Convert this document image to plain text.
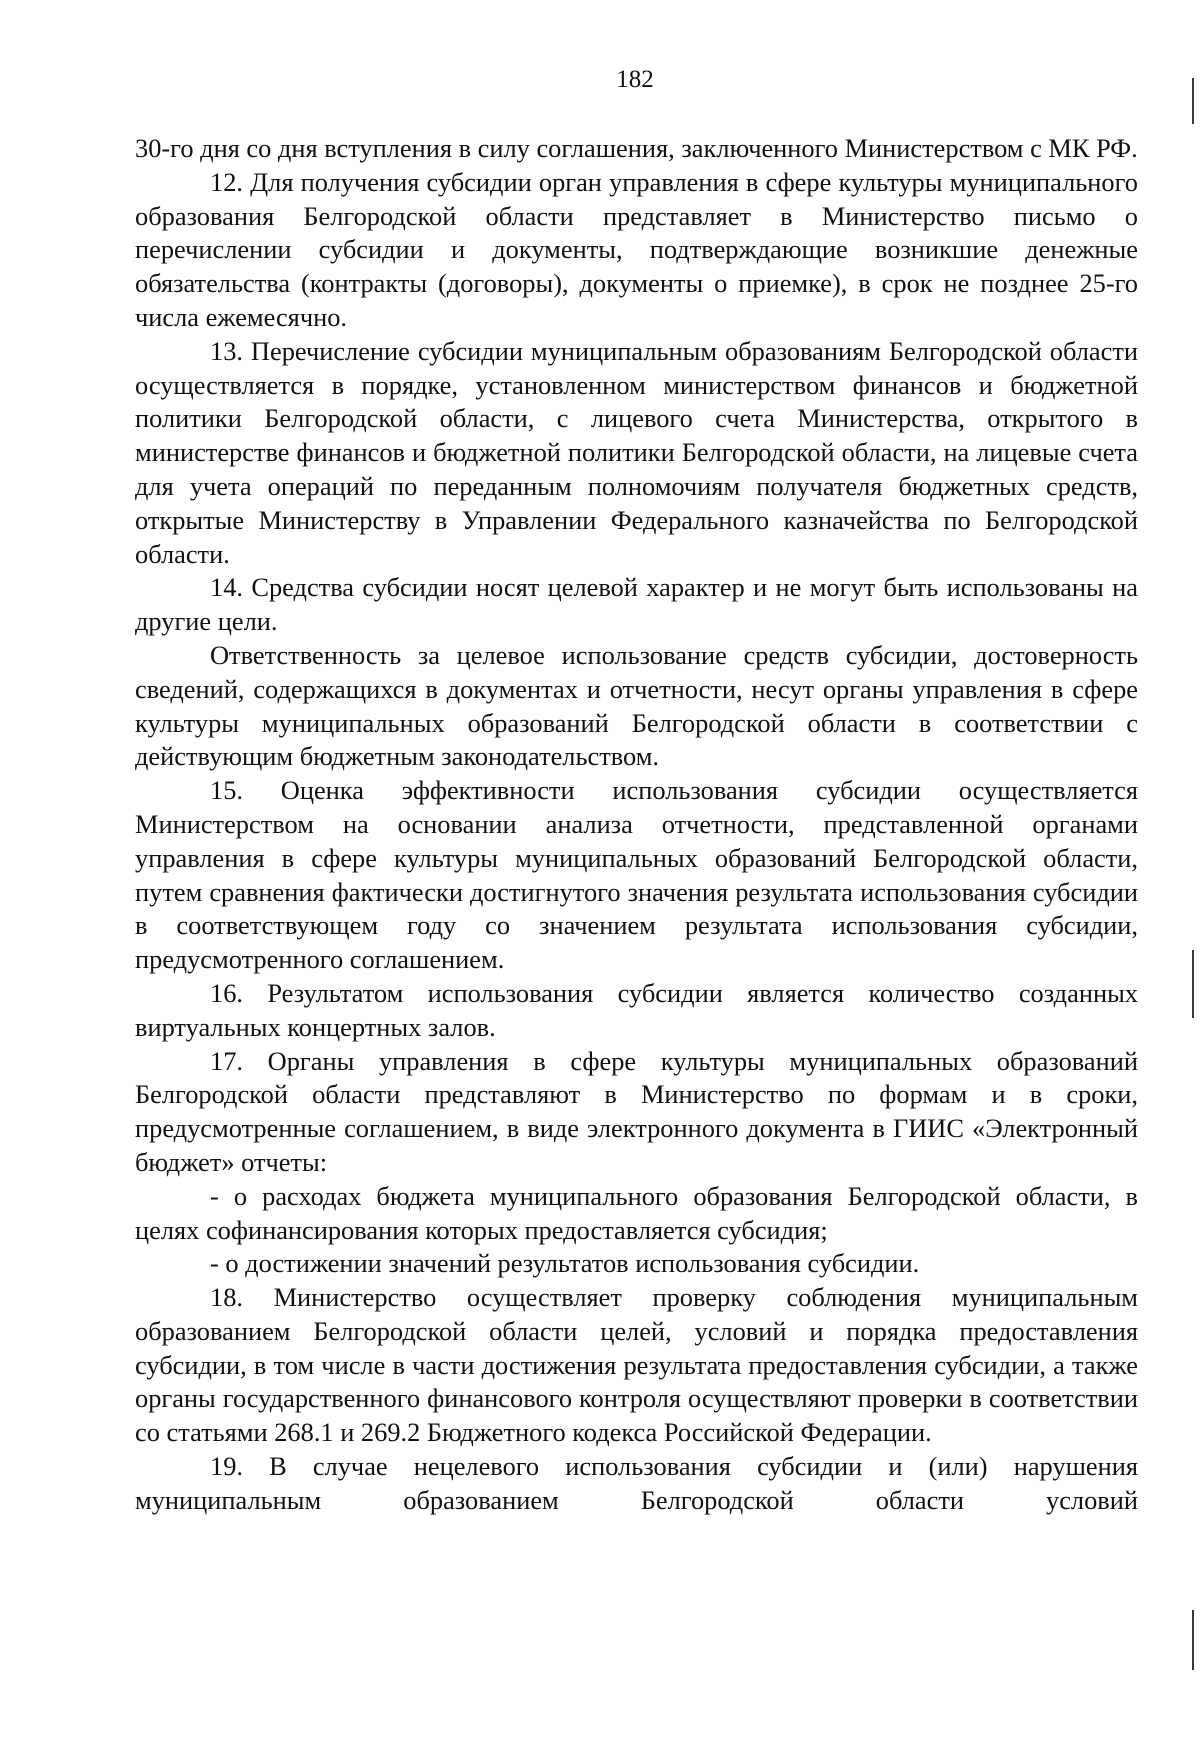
182

30-го дня со дня вступления в силу соглашения, заключенного Министерством с МК РФ.

12. Для получения субсидии орган управления в сфере культуры муниципального образования Белгородской области представляет в Министерство письмо о перечислении субсидии и документы, подтверждающие возникшие денежные обязательства (контракты (договоры), документы о приемке), в срок не позднее 25-го числа ежемесячно.

13. Перечисление субсидии муниципальным образованиям Белгородской области осуществляется в порядке, установленном министерством финансов и бюджетной политики Белгородской области, с лицевого счета Министерства, открытого в министерстве финансов и бюджетной политики Белгородской области, на лицевые счета для учета операций по переданным полномочиям получателя бюджетных средств, открытые Министерству в Управлении Федерального казначейства по Белгородской области.

14. Средства субсидии носят целевой характер и не могут быть использованы на другие цели.

Ответственность за целевое использование средств субсидии, достоверность сведений, содержащихся в документах и отчетности, несут органы управления в сфере культуры муниципальных образований Белгородской области в соответствии с действующим бюджетным законодательством.

15. Оценка эффективности использования субсидии осуществляется Министерством на основании анализа отчетности, представленной органами управления в сфере культуры муниципальных образований Белгородской области, путем сравнения фактически достигнутого значения результата использования субсидии в соответствующем году со значением результата использования субсидии, предусмотренного соглашением.

16. Результатом использования субсидии является количество созданных виртуальных концертных залов.

17. Органы управления в сфере культуры муниципальных образований Белгородской области представляют в Министерство по формам и в сроки, предусмотренные соглашением, в виде электронного документа в ГИИС «Электронный бюджет» отчеты:

- о расходах бюджета муниципального образования Белгородской области, в целях софинансирования которых предоставляется субсидия;

- о достижении значений результатов использования субсидии.

18. Министерство осуществляет проверку соблюдения муниципальным образованием Белгородской области целей, условий и порядка предоставления субсидии, в том числе в части достижения результата предоставления субсидии, а также органы государственного финансового контроля осуществляют проверки в соответствии со статьями 268.1 и 269.2 Бюджетного кодекса Российской Федерации.

19. В случае нецелевого использования субсидии и (или) нарушения муниципальным образованием Белгородской области условий
